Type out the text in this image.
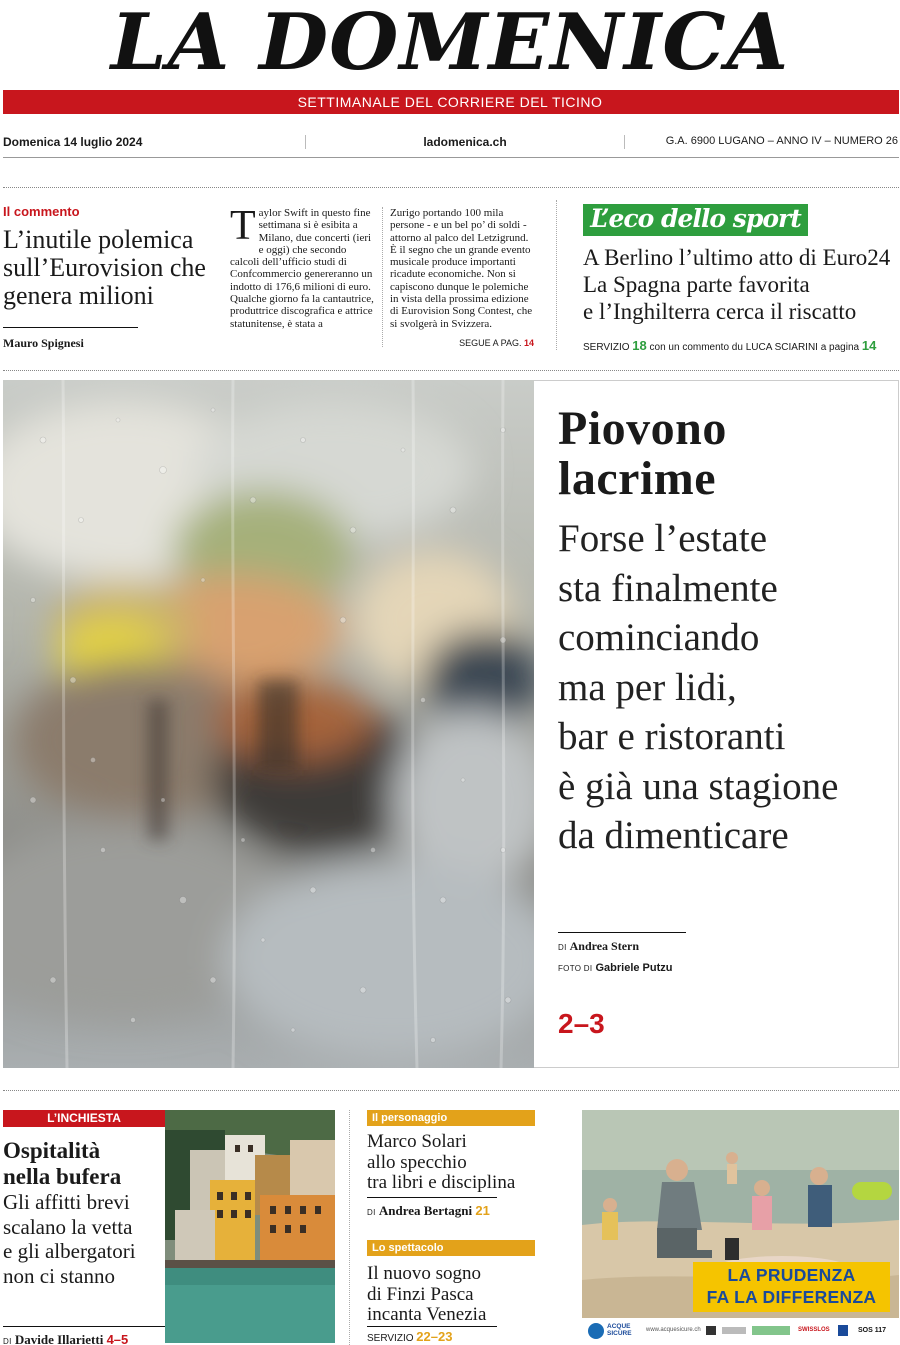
LA DOMENICA
SETTIMANALE DEL CORRIERE DEL TICINO
Domenica 14 luglio 2024	ladomenica.ch	G.A. 6900 LUGANO – ANNO IV – NUMERO 26
Il commento
L’inutile polemica sull’Eurovision che genera milioni
Mauro Spignesi
Taylor Swift in questo fine settimana si è esibita a Milano, due concerti (ieri e oggi) che secondo calcoli dell’ufficio studi di Confcommercio genereranno un indotto di 176,6 milioni di euro. Qualche giorno fa la cantautrice, produttrice discografica e attrice statunitense, è stata a
Zurigo portando 100 mila persone - e un bel po’ di soldi - attorno al palco del Letzigrund. È il segno che un grande evento musicale produce importanti ricadute economiche. Non si capiscono dunque le polemiche in vista della prossima edizione di Eurovision Song Contest, che si svolgerà in Svizzera.
SEGUE A PAG. 14
L’eco dello sport
A Berlino l’ultimo atto di Euro24
La Spagna parte favorita
e l’Inghilterra cerca il riscatto
SERVIZIO 18 con un commento du LUCA SCIARINI a pagina 14
Piovono
lacrime
Forse l’estate
sta finalmente
cominciando
ma per lidi,
bar e ristoranti
è già una stagione
da dimenticare
DI Andrea Stern
FOTO DI Gabriele Putzu
2–3
L’INCHIESTA
Ospitalità
nella bufera
Gli affitti brevi
scalano la vetta
e gli albergatori
non ci stanno
DI Davide Illarietti 4–5
Il personaggio
Marco Solari
allo specchio
tra libri e disciplina
DI Andrea Bertagni 21
Lo spettacolo
Il nuovo sogno
di Finzi Pasca
incanta Venezia
SERVIZIO 22–23
LA PRUDENZA
FA LA DIFFERENZA
ACQUE SICURE	www.acquesicure.ch	SWISSLOS	SOS 117
